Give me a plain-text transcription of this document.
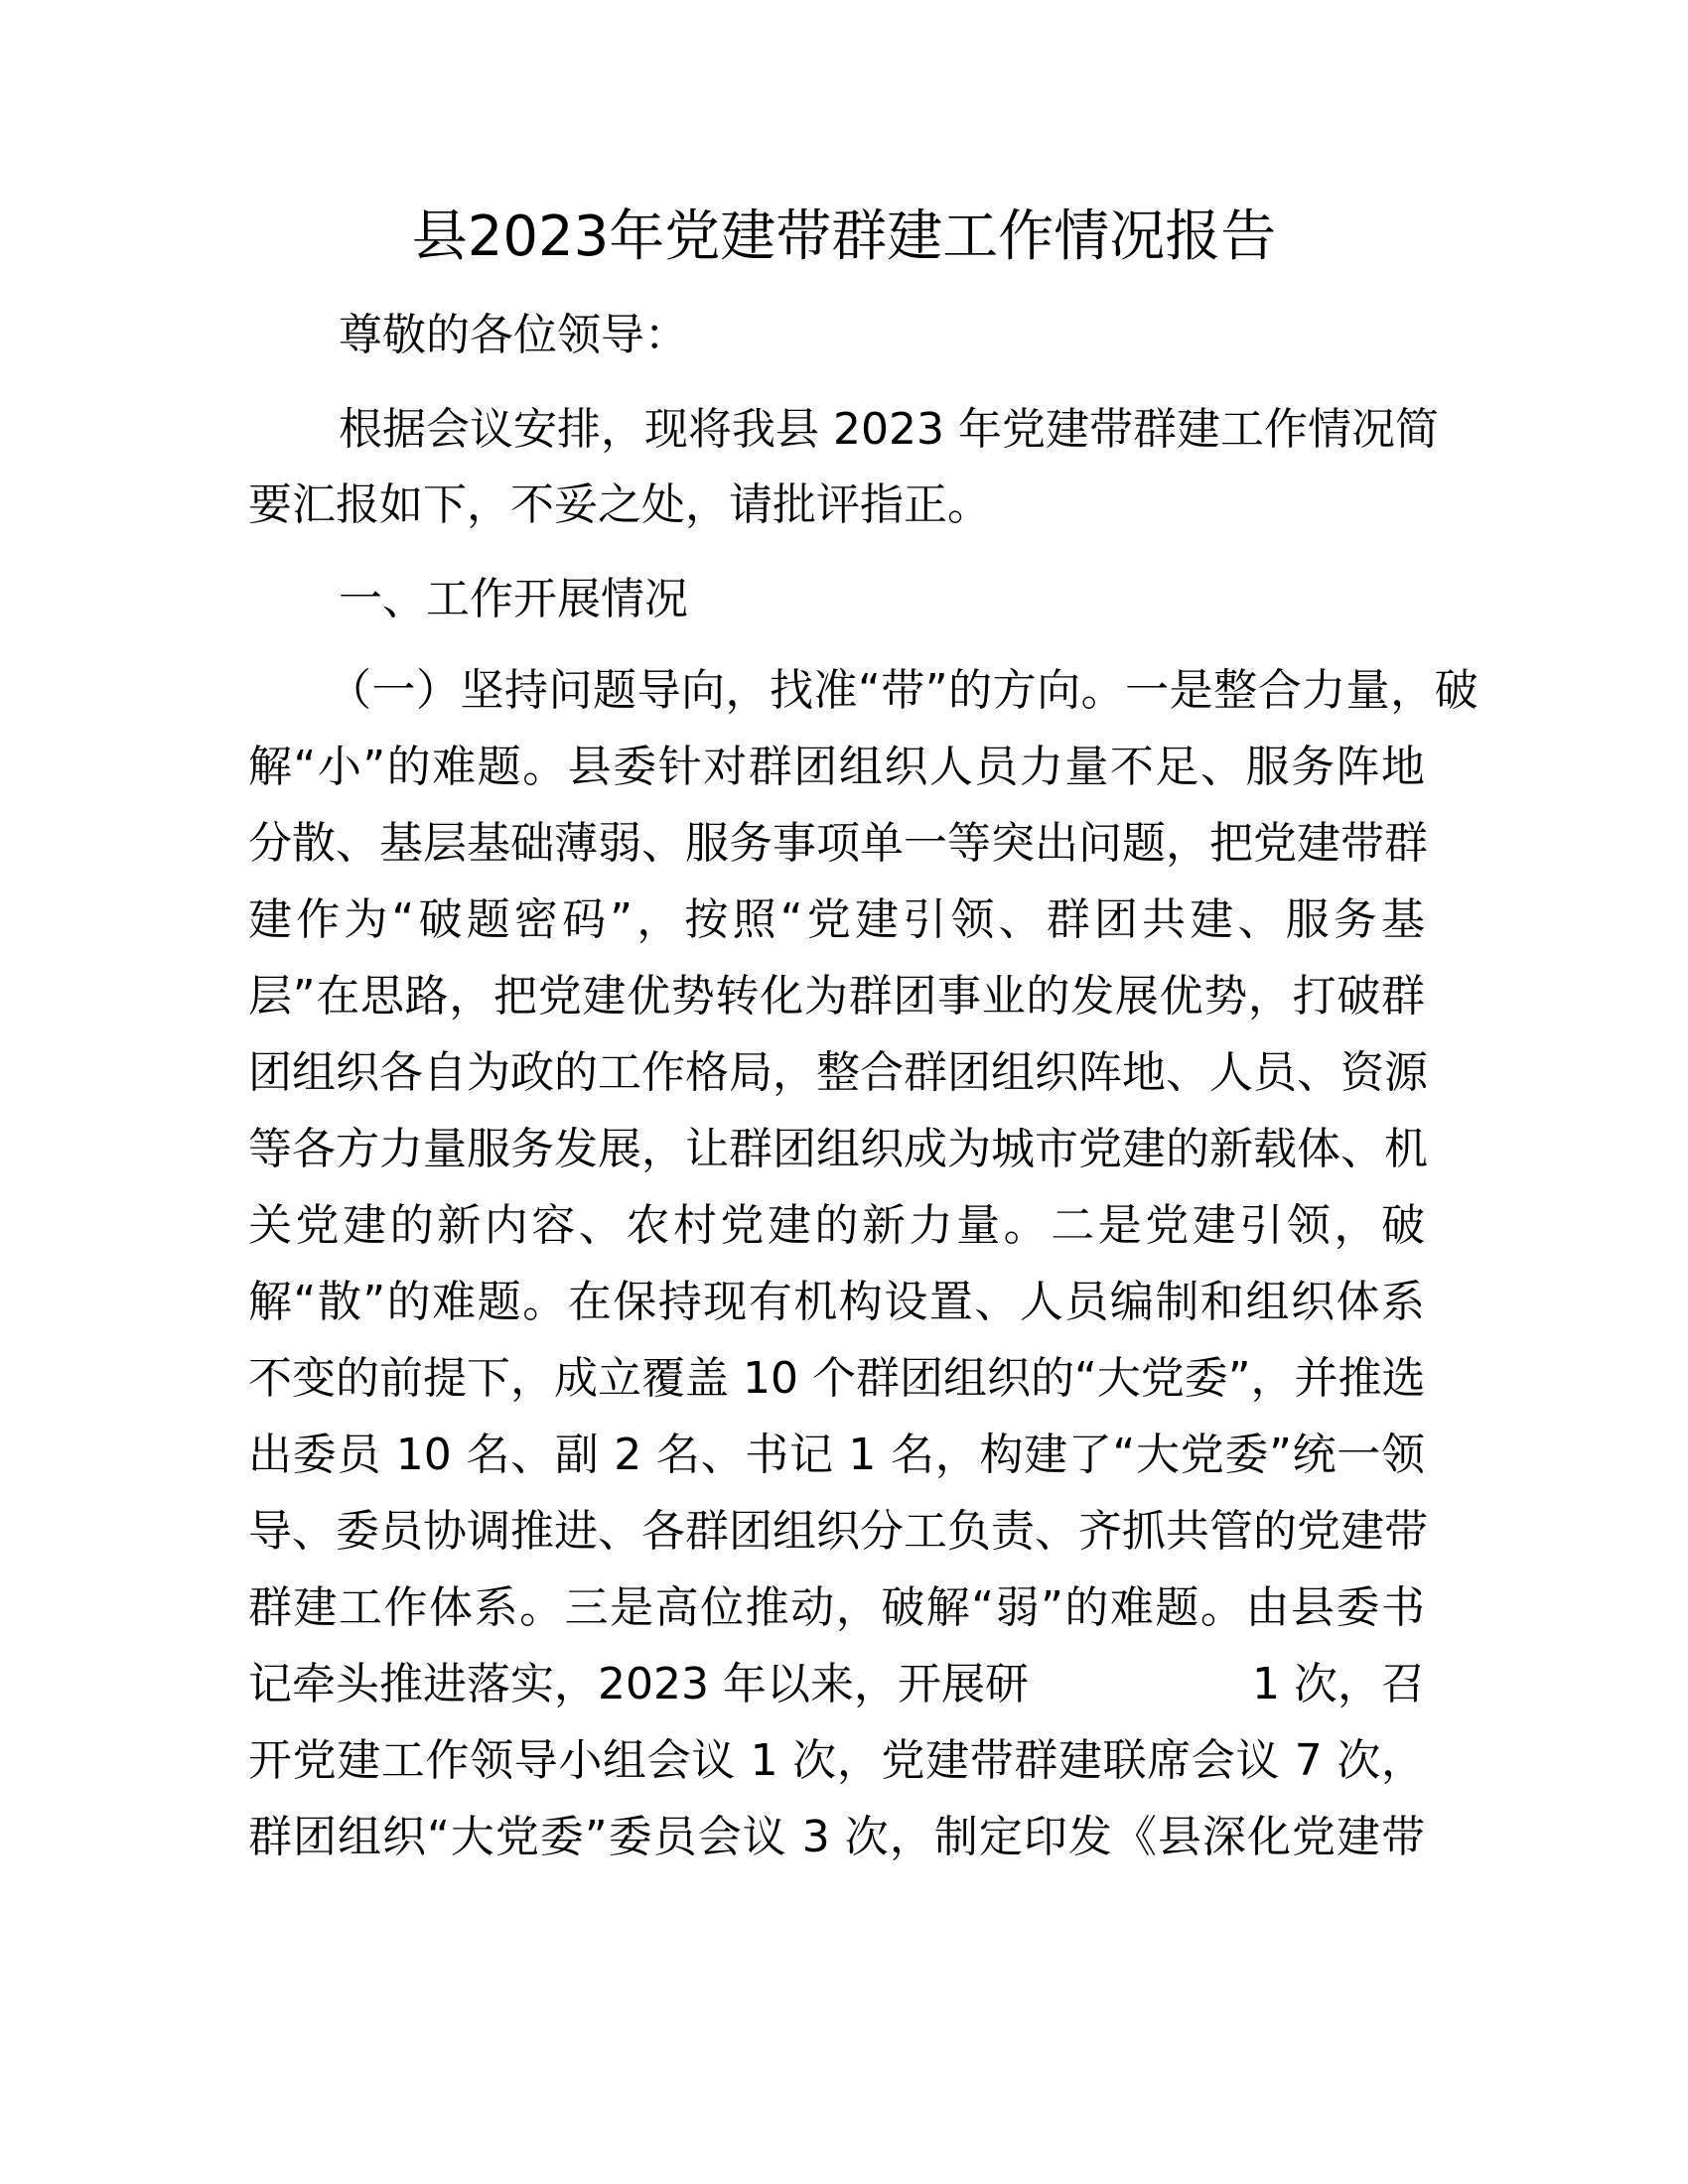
县2023年党建带群建工作情况报告
尊敬的各位领导：
根据会议安排，现将我县 2023 年党建带群建工作情况简
要汇报如下，不妥之处，请批评指正。
一、工作开展情况
（一）坚持问题导向，找准“带”的方向。一是整合力量，破
解“小”的难题。县委针对群团组织人员力量不足、服务阵地
分散、基层基础薄弱、服务事项单一等突出问题，把党建带群
建作为“破题密码”，按照“党建引领、群团共建、服务基
层”在思路，把党建优势转化为群团事业的发展优势，打破群
团组织各自为政的工作格局，整合群团组织阵地、人员、资源
等各方力量服务发展，让群团组织成为城市党建的新载体、机
关党建的新内容、农村党建的新力量。二是党建引领，破
解“散”的难题。在保持现有机构设置、人员编制和组织体系
不变的前提下，成立覆盖 10 个群团组织的“大党委”，并推选
出委员 10 名、副 2 名、书记 1 名，构建了“大党委”统一领
导、委员协调推进、各群团组织分工负责、齐抓共管的党建带
群建工作体系。三是高位推动，破解“弱”的难题。由县委书
记牵头推进落实，2023 年以来，开展研	1 次，召
开党建工作领导小组会议 1 次，党建带群建联席会议 7 次，
群团组织“大党委”委员会议 3 次，制定印发《县深化党建带
